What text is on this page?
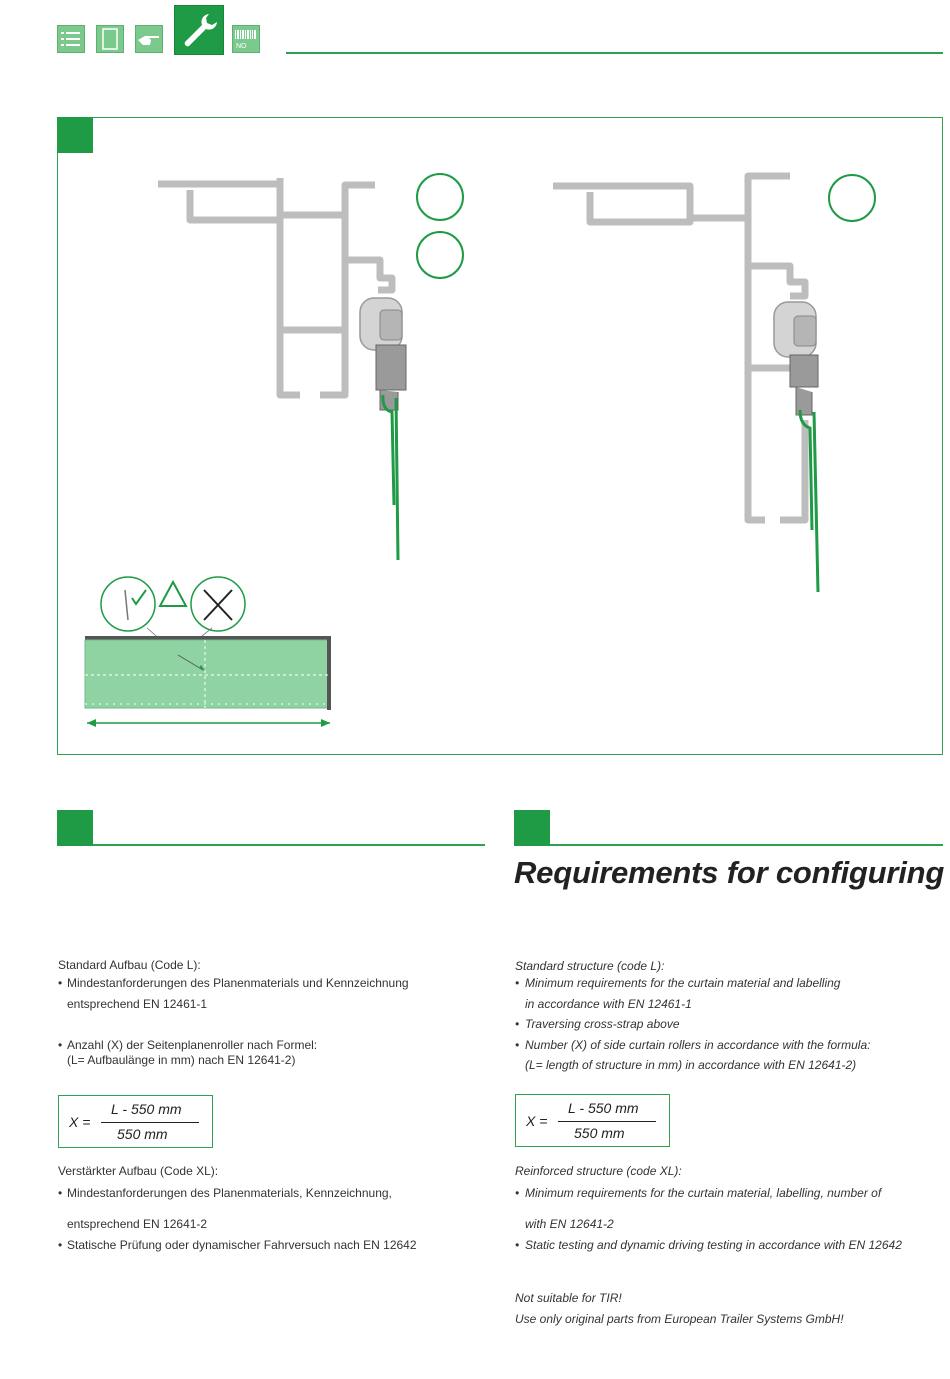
NO
Requirements for configuring
Standard Aufbau (Code L):
• Mindestanforderungen des Planenmaterials und Kennzeichnung
entsprechend EN 12461-1
• Anzahl (X) der Seitenplanenroller nach Formel:
(L= Aufbaulänge in mm) nach EN 12641-2)
X =
L - 550 mm
550 mm
Verstärkter Aufbau (Code XL):
• Mindestanforderungen des Planenmaterials, Kennzeichnung,
entsprechend EN 12641-2
• Statische Prüfung oder dynamischer Fahrversuch nach EN 12642
Standard structure (code L):
• Minimum requirements for the curtain material and labelling
in accordance with EN 12461-1
• Traversing cross-strap above
• Number (X) of side curtain rollers in accordance with the formula:
(L= length of structure in mm) in accordance with EN 12641-2)
X =
L - 550 mm
550 mm
Reinforced structure (code XL):
• Minimum requirements for the curtain material, labelling, number of
with EN 12641-2
• Static testing and dynamic driving testing in accordance with EN 12642
Not suitable for TIR!
Use only original parts from European Trailer Systems GmbH!
